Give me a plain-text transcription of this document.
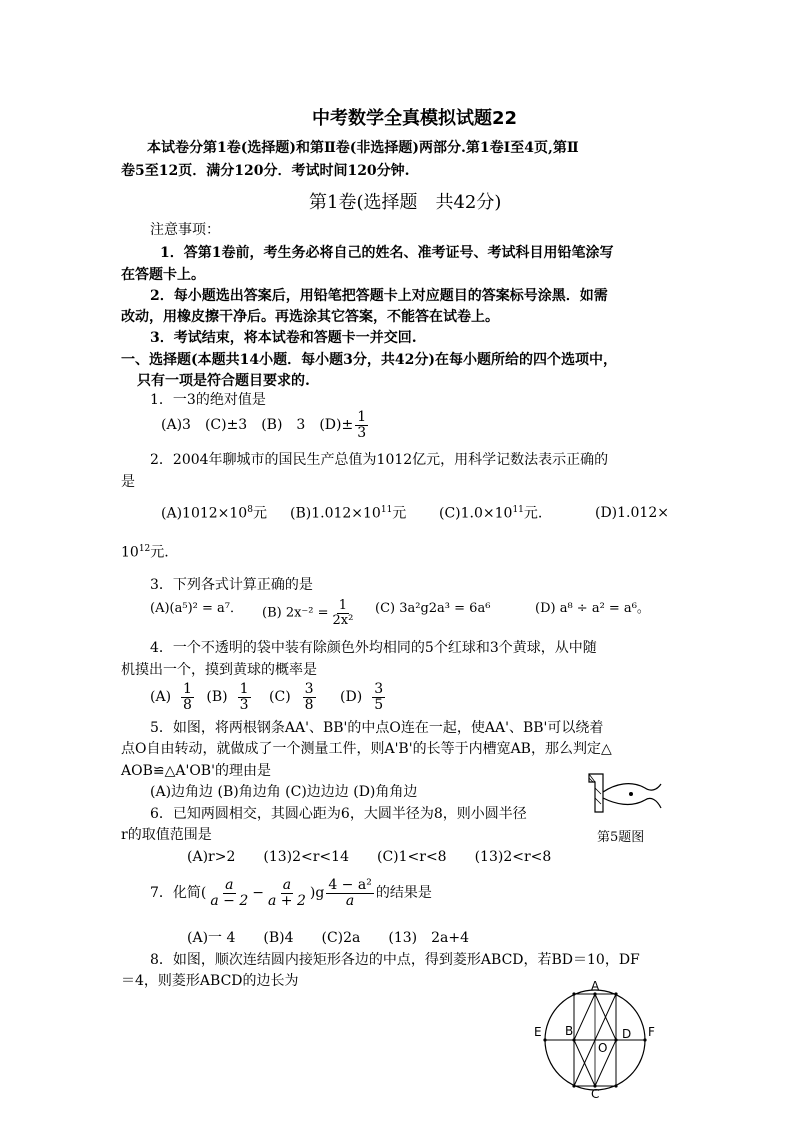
中考数学全真模拟试题22
本试卷分第1卷(选择题)和第Ⅱ卷(非选择题)两部分.第1卷Ⅰ至4页,第Ⅱ
卷5至12页．满分120分．考试时间120分钟.
第1卷(选择题　共42分)
注意事项：
1．答第1卷前，考生务必将自己的姓名、准考证号、考试科目用铅笔涂写
在答题卡上。
2．每小题选出答案后，用铅笔把答题卡上对应题目的答案标号涂黑．如需
改动，用橡皮擦干净后。再选涂其它答案，不能答在试卷上。
3．考试结束，将本试卷和答题卡一并交回.
一、选择题(本题共14小题．每小题3分，共42分)在每小题所给的四个选项中，
只有一项是符合题目要求的.
1．一3的绝对值是
(A)3　(C)±3　(B)　3　$(D)\pm \frac{1}{3}$
2．2004年聊城市的国民生产总值为1012亿元，用科学记数法表示正确的
是
$(A)1012\times 10^8$元 $(B)1.012\times 10^{11}$元 $(C)1.0\times 10^{11}$元.	(D)1.012×
$10^{12}$元.
3．下列各式计算正确的是
(A)(a⁵)² = a⁷． (B) $2x^{-2} = \frac{1}{\text{2x²}} (C) 3a^2g2a^3 = 6a^6$	(D) a⁸ ÷ a² = a⁶。
4．一个不透明的袋中装有除颜色外均相同的5个红球和3个黄球，从中随
机摸出一个，摸到黄球的概率是
$(A) \frac{1}{8} (B) \frac{1}{3} (C) \frac{3}{8} (D) \frac{3}{5}$
5．如图，将两根钢条AA'、BB'的中点O连在一起，使AA'、BB'可以绕着
点O自由转动，就做成了一个测量工件，则A'B'的长等于内槽宽AB，那么判定△
AOB≌△A'OB'的理由是
(A)边角边 (B)角边角 (C)边边边 (D)角角边
第5题图
6．已知两圆相交，其圆心距为6，大圆半径为8，则小圆半径
r的取值范围是
(A)r>2　　(13)2<r<14　　(C)1<r<8　　(13)2<r<8
7．化简( $\frac{a}{a - 2} - \frac{a}{a + 2} )g \frac{\text{4 − a²}}{a}$ 的结果是
(A)一 4　　(B)4　　(C)2a　　(13)　2a+4
8．如图，顺次连结圆内接矩形各边的中点，得到菱形ABCD，若BD＝10，DF
＝4，则菱形ABCD的边长为	A
B
C
D
E	F
O
